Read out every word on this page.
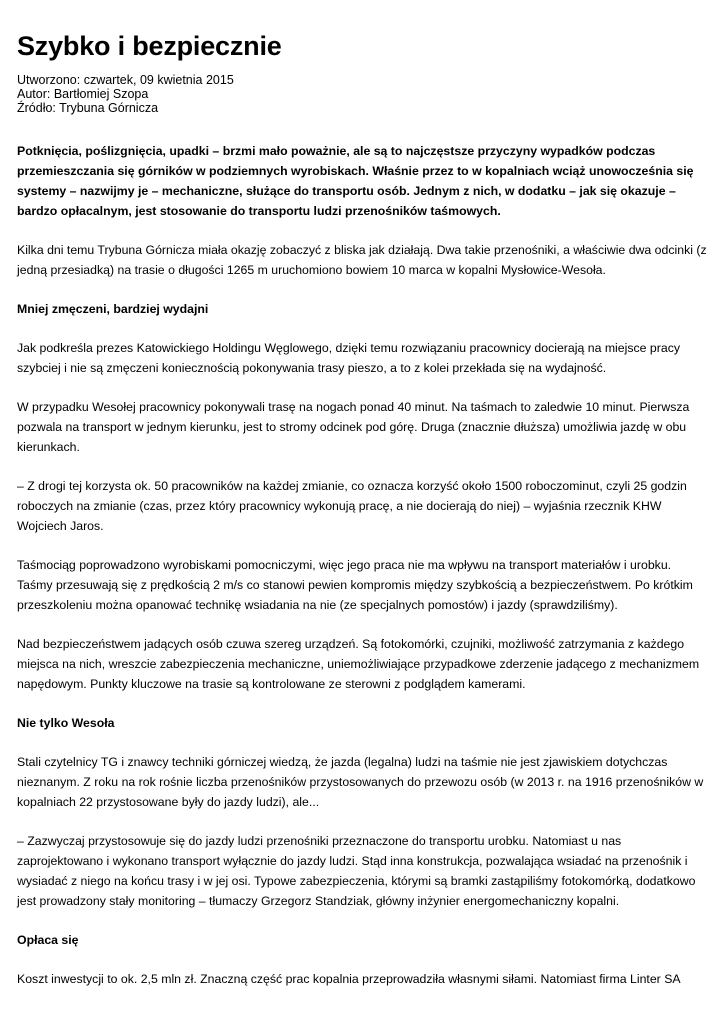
Szybko i bezpiecznie
Utworzono: czwartek, 09 kwietnia 2015
Autor: Bartłomiej Szopa
Źródło: Trybuna Górnicza

Potknięcia, poślizgnięcia, upadki – brzmi mało poważnie, ale są to najczęstsze przyczyny wypadków podczas przemieszczania się górników w podziemnych wyrobiskach. Właśnie przez to w kopalniach wciąż unowocześnia się systemy – nazwijmy je – mechaniczne, służące do transportu osób. Jednym z nich, w dodatku – jak się okazuje – bardzo opłacalnym, jest stosowanie do transportu ludzi przenośników taśmowych.

Kilka dni temu Trybuna Górnicza miała okazję zobaczyć z bliska jak działają. Dwa takie przenośniki, a właściwie dwa odcinki (z jedną przesiadką) na trasie o długości 1265 m uruchomiono bowiem 10 marca w kopalni Mysłowice-Wesoła.

Mniej zmęczeni, bardziej wydajni

Jak podkreśla prezes Katowickiego Holdingu Węglowego, dzięki temu rozwiązaniu pracownicy docierają na miejsce pracy szybciej i nie są zmęczeni koniecznością pokonywania trasy pieszo, a to z kolei przekłada się na wydajność.

W przypadku Wesołej pracownicy pokonywali trasę na nogach ponad 40 minut. Na taśmach to zaledwie 10 minut. Pierwsza pozwala na transport w jednym kierunku, jest to stromy odcinek pod górę. Druga (znacznie dłuższa) umożliwia jazdę w obu kierunkach.

– Z drogi tej korzysta ok. 50 pracowników na każdej zmianie, co oznacza korzyść około 1500 roboczominut, czyli 25 godzin roboczych na zmianie (czas, przez który pracownicy wykonują pracę, a nie docierają do niej) – wyjaśnia rzecznik KHW Wojciech Jaros.

Taśmociąg poprowadzono wyrobiskami pomocniczymi, więc jego praca nie ma wpływu na transport materiałów i urobku. Taśmy przesuwają się z prędkością 2 m/s co stanowi pewien kompromis między szybkością a bezpieczeństwem. Po krótkim przeszkoleniu można opanować technikę wsiadania na nie (ze specjalnych pomostów) i jazdy (sprawdziliśmy).

Nad bezpieczeństwem jadących osób czuwa szereg urządzeń. Są fotokomórki, czujniki, możliwość zatrzymania z każdego miejsca na nich, wreszcie zabezpieczenia mechaniczne, uniemożliwiające przypadkowe zderzenie jadącego z mechanizmem napędowym. Punkty kluczowe na trasie są kontrolowane ze sterowni z podglądem kamerami.

Nie tylko Wesoła

Stali czytelnicy TG i znawcy techniki górniczej wiedzą, że jazda (legalna) ludzi na taśmie nie jest zjawiskiem dotychczas nieznanym. Z roku na rok rośnie liczba przenośników przystosowanych do przewozu osób (w 2013 r. na 1916 przenośników w kopalniach 22 przystosowane były do jazdy ludzi), ale...

– Zazwyczaj przystosowuje się do jazdy ludzi przenośniki przeznaczone do transportu urobku. Natomiast u nas zaprojektowano i wykonano transport wyłącznie do jazdy ludzi. Stąd inna konstrukcja, pozwalająca wsiadać na przenośnik i wysiadać z niego na końcu trasy i w jej osi. Typowe zabezpieczenia, którymi są bramki zastąpiliśmy fotokomórką, dodatkowo jest prowadzony stały monitoring – tłumaczy Grzegorz Standziak, główny inżynier energomechaniczny kopalni.

Opłaca się

Koszt inwestycji to ok. 2,5 mln zł. Znaczną część prac kopalnia przeprowadziła własnymi siłami. Natomiast firma Linter SA
